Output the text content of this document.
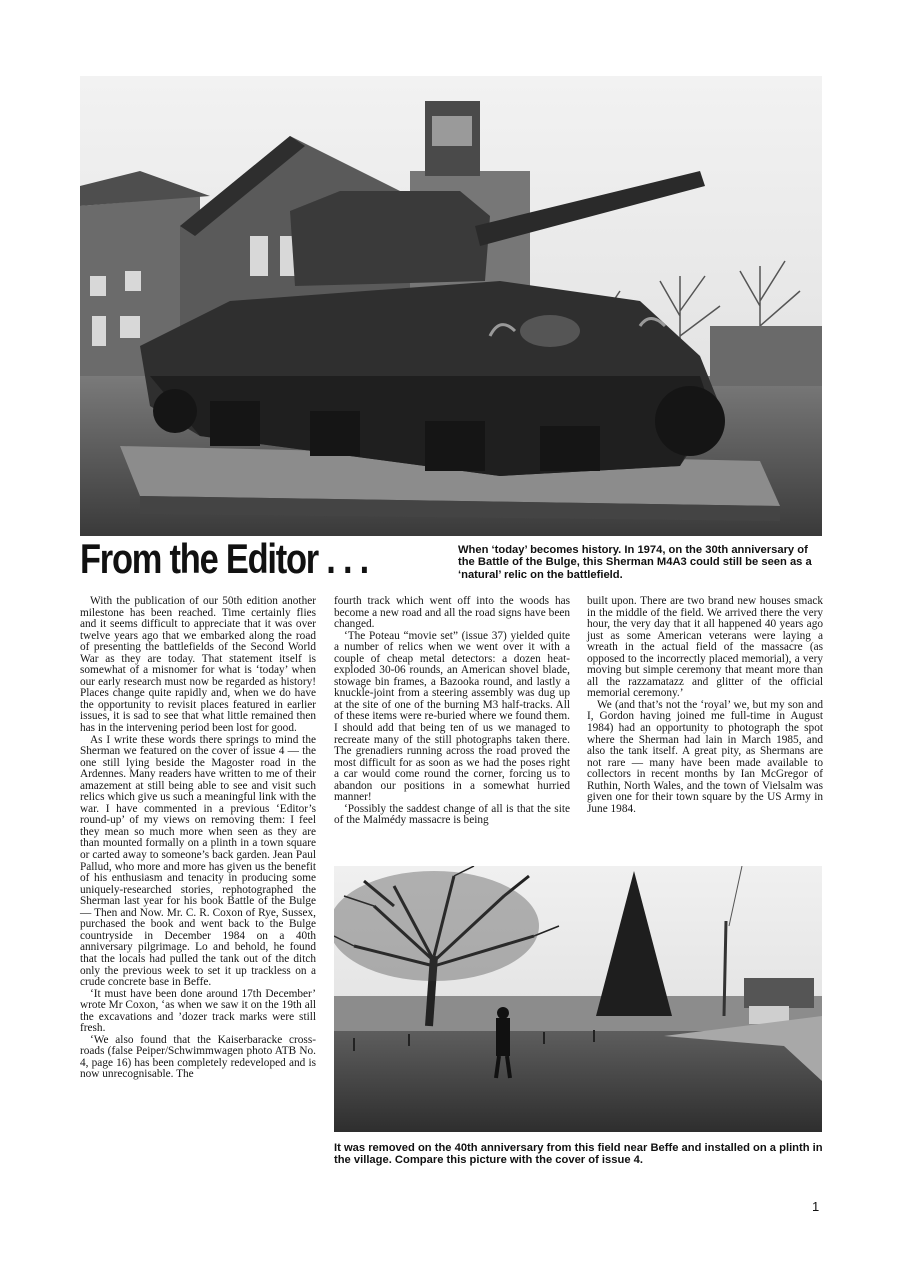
From the Editor . . .	When ‘today’ becomes history. In 1974, on the 30th anniversary of the Battle of the Bulge, this Sherman M4A3 could still be seen as a ‘natural’ relic on the battlefield.

With the publication of our 50th edition another milestone has been reached. Time certainly flies and it seems difficult to appreciate that it was over twelve years ago that we embarked along the road of presenting the battlefields of the Second World War as they are today. That statement itself is somewhat of a misnomer for what is ‘today’ when our early research must now be regarded as history! Places change quite rapidly and, when we do have the opportunity to revisit places featured in earlier issues, it is sad to see that what little remained then has in the intervening period been lost for good.

As I write these words there springs to mind the Sherman we featured on the cover of issue 4 — the one still lying beside the Magoster road in the Ardennes. Many readers have written to me of their amazement at still being able to see and visit such relics which give us such a meaningful link with the war. I have commented in a previous ‘Editor’s round-up’ of my views on removing them: I feel they mean so much more when seen as they are than mounted formally on a plinth in a town square or carted away to someone’s back garden. Jean Paul Pallud, who more and more has given us the benefit of his enthusiasm and tenacity in producing some uniquely-researched stories, rephotographed the Sherman last year for his book Battle of the Bulge — Then and Now. Mr. C. R. Coxon of Rye, Sussex, purchased the book and went back to the Bulge countryside in December 1984 on a 40th anniversary pilgrimage. Lo and behold, he found that the locals had pulled the tank out of the ditch only the previous week to set it up trackless on a crude concrete base in Beffe.

‘It must have been done around 17th December’ wrote Mr Coxon, ‘as when we saw it on the 19th all the excavations and ’dozer track marks were still fresh.

‘We also found that the Kaiserbaracke cross-roads (false Peiper/Schwimmwagen photo ATB No. 4, page 16) has been completely redeveloped and is now unrecognisable. The

fourth track which went off into the woods has become a new road and all the road signs have been changed.

‘The Poteau “movie set” (issue 37) yielded quite a number of relics when we went over it with a couple of cheap metal detectors: a dozen heat-exploded 30-06 rounds, an American shovel blade, stowage bin frames, a Bazooka round, and lastly a knuckle-joint from a steering assembly was dug up at the site of one of the burning M3 half-tracks. All of these items were re-buried where we found them. I should add that being ten of us we managed to recreate many of the still photographs taken there. The grenadiers running across the road proved the most difficult for as soon as we had the poses right a car would come round the corner, forcing us to abandon our positions in a somewhat hurried manner!

‘Possibly the saddest change of all is that the site of the Malmédy massacre is being

built upon. There are two brand new houses smack in the middle of the field. We arrived there the very hour, the very day that it all happened 40 years ago just as some American veterans were laying a wreath in the actual field of the massacre (as opposed to the incorrectly placed memorial), a very moving but simple ceremony that meant more than all the razzamatazz and glitter of the official memorial ceremony.’

We (and that’s not the ‘royal’ we, but my son and I, Gordon having joined me full-time in August 1984) had an opportunity to photograph the spot where the Sherman had lain in March 1985, and also the tank itself. A great pity, as Shermans are not rare — many have been made available to collectors in recent months by Ian McGregor of Ruthin, North Wales, and the town of Vielsalm was given one for their town square by the US Army in June 1984.

It was removed on the 40th anniversary from this field near Beffe and installed on a plinth in the village. Compare this picture with the cover of issue 4.
1
